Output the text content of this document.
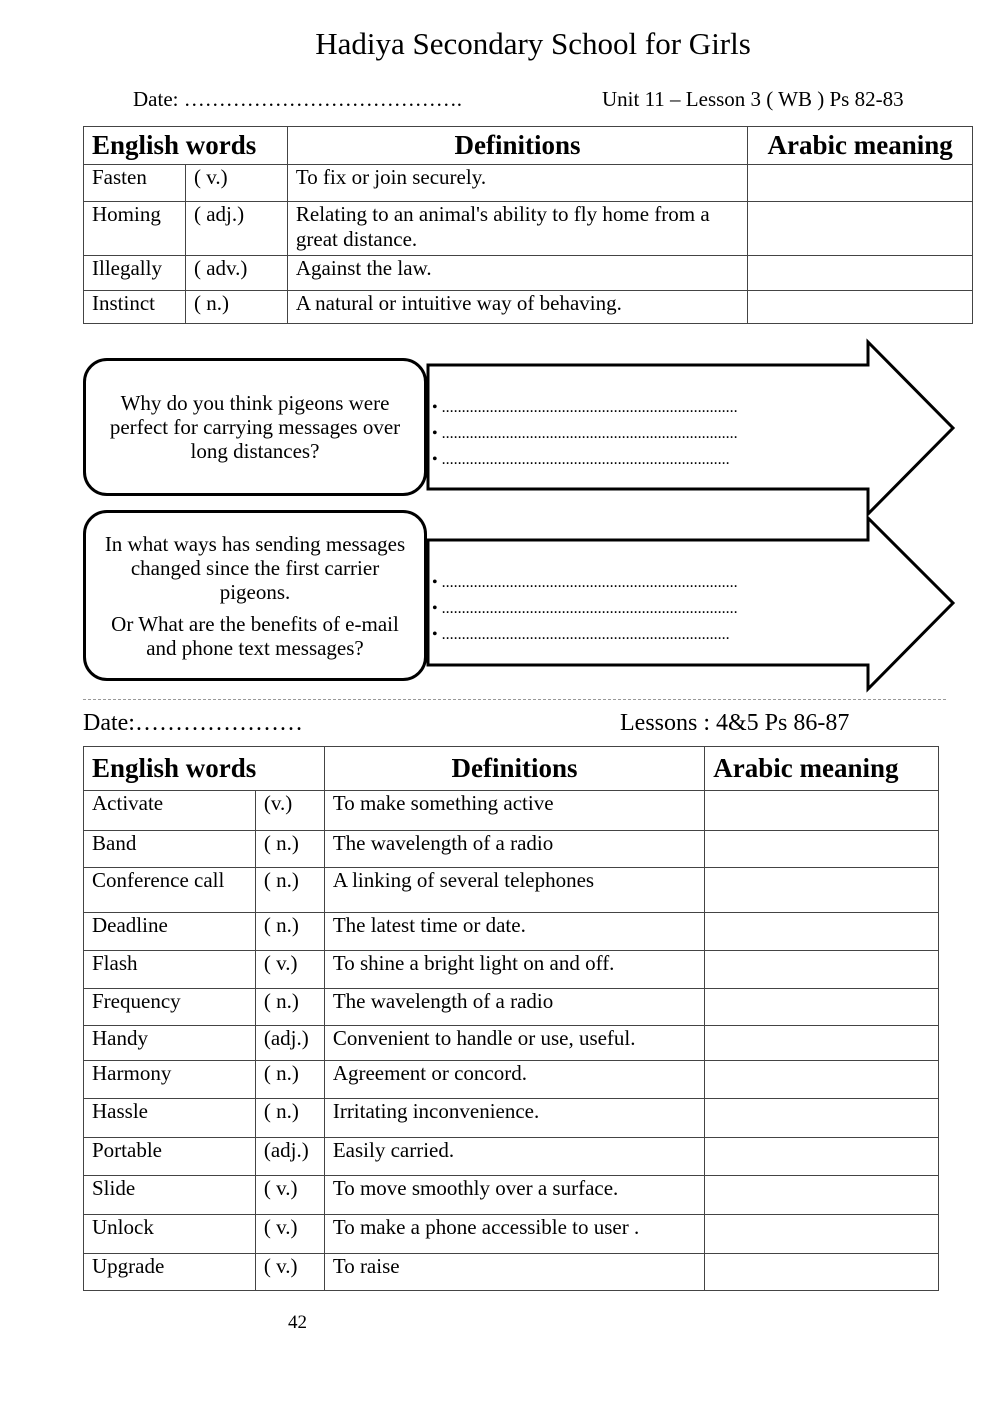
Hadiya Secondary School for Girls
Date: ………………………………….	Unit 11 – Lesson 3 ( WB ) Ps 82-83
English words		Definitions	Arabic meaning
Fasten	( v.)	To fix or join securely.	
Homing	( adj.)	Relating to an animal's ability to fly home from a great distance.	
Illegally	( adv.)	Against the law.	
Instinct	( n.)	A natural or intuitive way of behaving.	

Why do you think pigeons were perfect for carrying messages over long distances?

• ..........................................................................
• ..........................................................................
• ........................................................................

In what ways has sending messages changed since the first carrier pigeons.

Or What are the benefits of e-mail and phone text messages?

• ..........................................................................
• ..........................................................................
• ........................................................................
Date:…………………	Lessons : 4&5 Ps 86-87
English words		Definitions	Arabic meaning
Activate	(v.)	To make something active	
Band	( n.)	The wavelength of a radio	
Conference call	( n.)	A linking of several telephones	
Deadline	( n.)	The latest time or date.	
Flash	( v.)	To shine a bright light on and off.	
Frequency	( n.)	The wavelength of a radio	
Handy	(adj.)	Convenient to handle or use, useful.	
Harmony	( n.)	Agreement or concord.	
Hassle	( n.)	Irritating inconvenience.	
Portable	(adj.)	Easily carried.	
Slide	( v.)	To move smoothly over a surface.	
Unlock	( v.)	To make a phone accessible to user .	
Upgrade	( v.)	To raise	
42
